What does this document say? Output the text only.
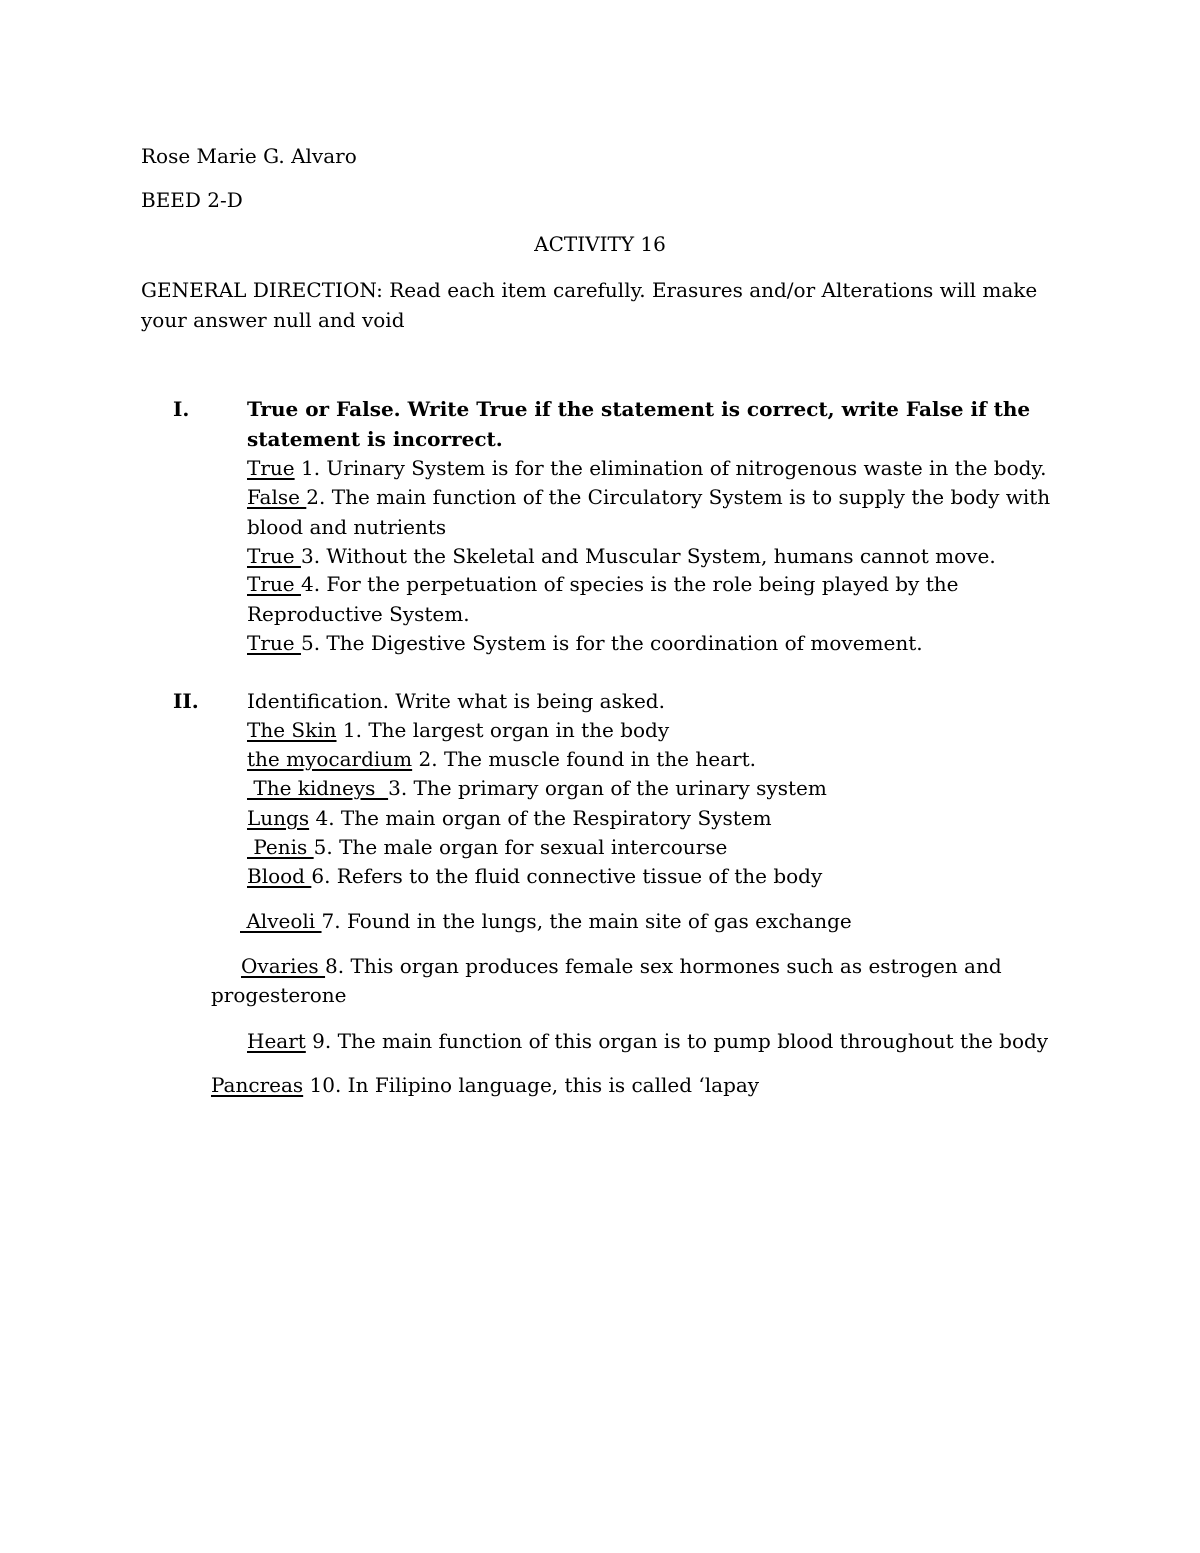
Rose Marie G. Alvaro
BEED 2-D
ACTIVITY 16
GENERAL DIRECTION: Read each item carefully. Erasures and/or Alterations will make your answer null and void
I.	True or False. Write True if the statement is correct, write False if the statement is incorrect.
True 1. Urinary System is for the elimination of nitrogenous waste in the body.
False 2. The main function of the Circulatory System is to supply the body with blood and nutrients
True 3. Without the Skeletal and Muscular System, humans cannot move.
True 4. For the perpetuation of species is the role being played by the Reproductive System.
True 5. The Digestive System is for the coordination of movement.
II. Identification. Write what is being asked.
The Skin 1. The largest organ in the body
the myocardium 2. The muscle found in the heart.
The kidneys  3. The primary organ of the urinary system
Lungs 4. The main organ of the Respiratory System
Penis 5. The male organ for sexual intercourse
Blood 6. Refers to the fluid connective tissue of the body
Alveoli 7. Found in the lungs, the main site of gas exchange
Ovaries 8. This organ produces female sex hormones such as estrogen and
progesterone
Heart 9. The main function of this organ is to pump blood throughout the body
Pancreas 10. In Filipino language, this is called ‘lapay
